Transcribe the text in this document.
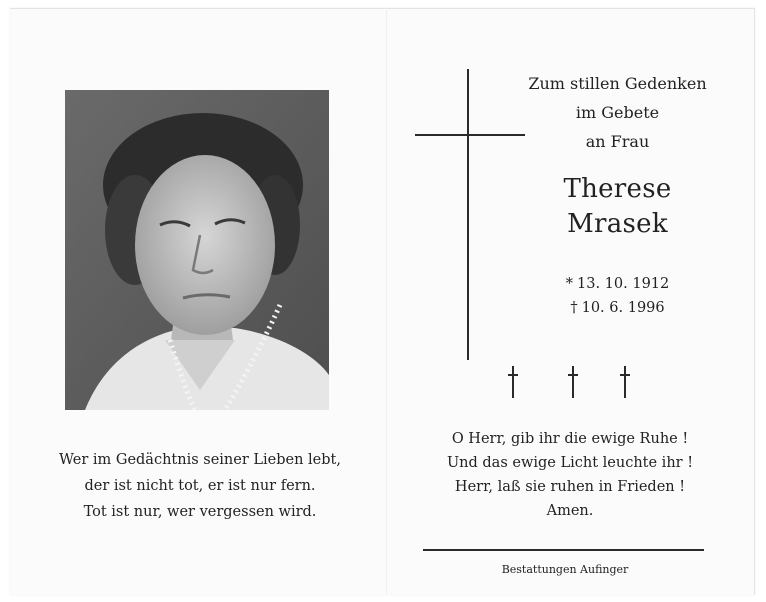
Wer im Gedächtnis seiner Lieben lebt,
der ist nicht tot, er ist nur fern.
Tot ist nur, wer vergessen wird.
Zum stillen Gedenken
im Gebete
an Frau
Therese
Mrasek
* 13. 10. 1912
† 10. 6. 1996
O Herr, gib ihr die ewige Ruhe !
Und das ewige Licht leuchte ihr !
Herr, laß sie ruhen in Frieden !
Amen.
Bestattungen Aufinger
